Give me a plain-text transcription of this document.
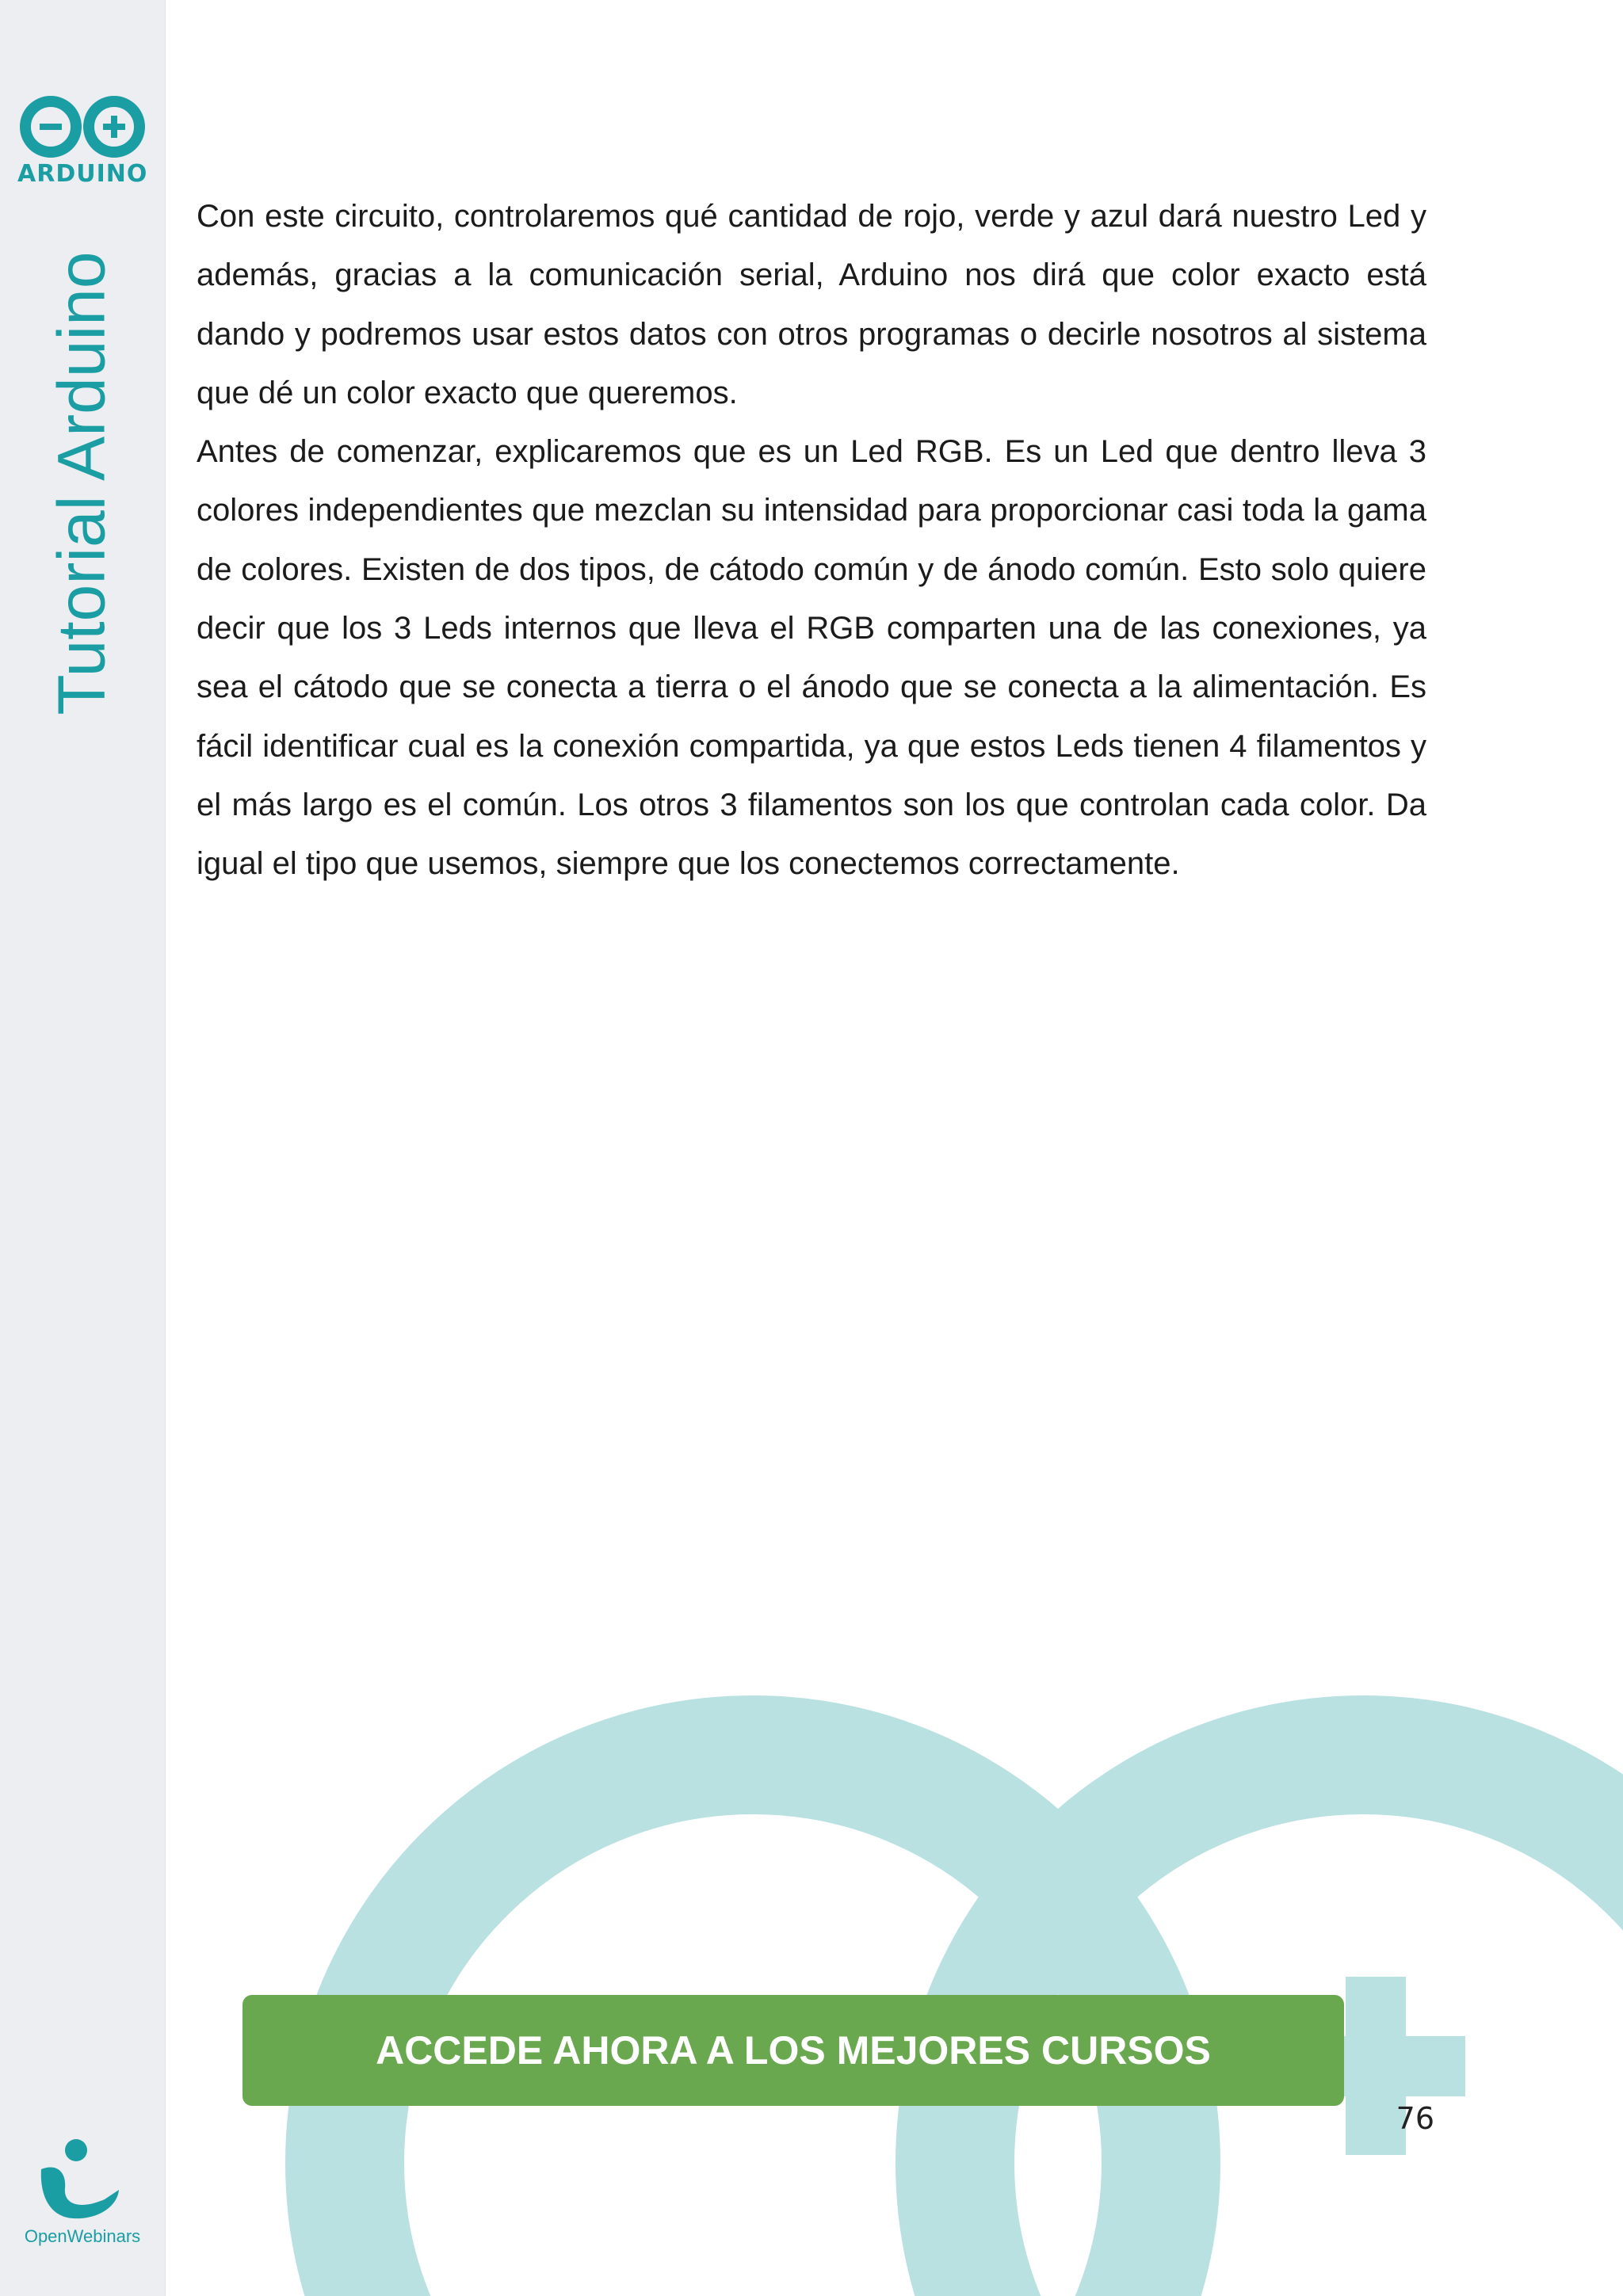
ARDUINO
Tutorial Arduino
OpenWebinars

Con este circuito, controlaremos qué cantidad de rojo, verde y azul dará nuestro Led y además, gracias a la comunicación serial, Arduino nos dirá que color exacto está dando y podremos usar estos datos con otros programas o decirle nosotros al sistema que dé un color exacto que queremos.

Antes de comenzar, explicaremos que es un Led RGB. Es un Led que dentro lleva 3 colores independientes que mezclan su intensidad para proporcionar casi toda la gama de colores. Existen de dos tipos, de cátodo común y de ánodo común. Esto solo quiere decir que los 3 Leds internos que lleva el RGB comparten una de las conexiones, ya sea el cátodo que se conecta a tierra o el ánodo que se conecta a la alimentación. Es fácil identificar cual es la conexión compartida, ya que estos Leds tienen 4 filamentos y el más largo es el común. Los otros 3 filamentos son los que controlan cada color. Da igual el tipo que usemos, siempre que los conectemos correctamente.

ACCEDE AHORA A LOS MEJORES CURSOS
76
